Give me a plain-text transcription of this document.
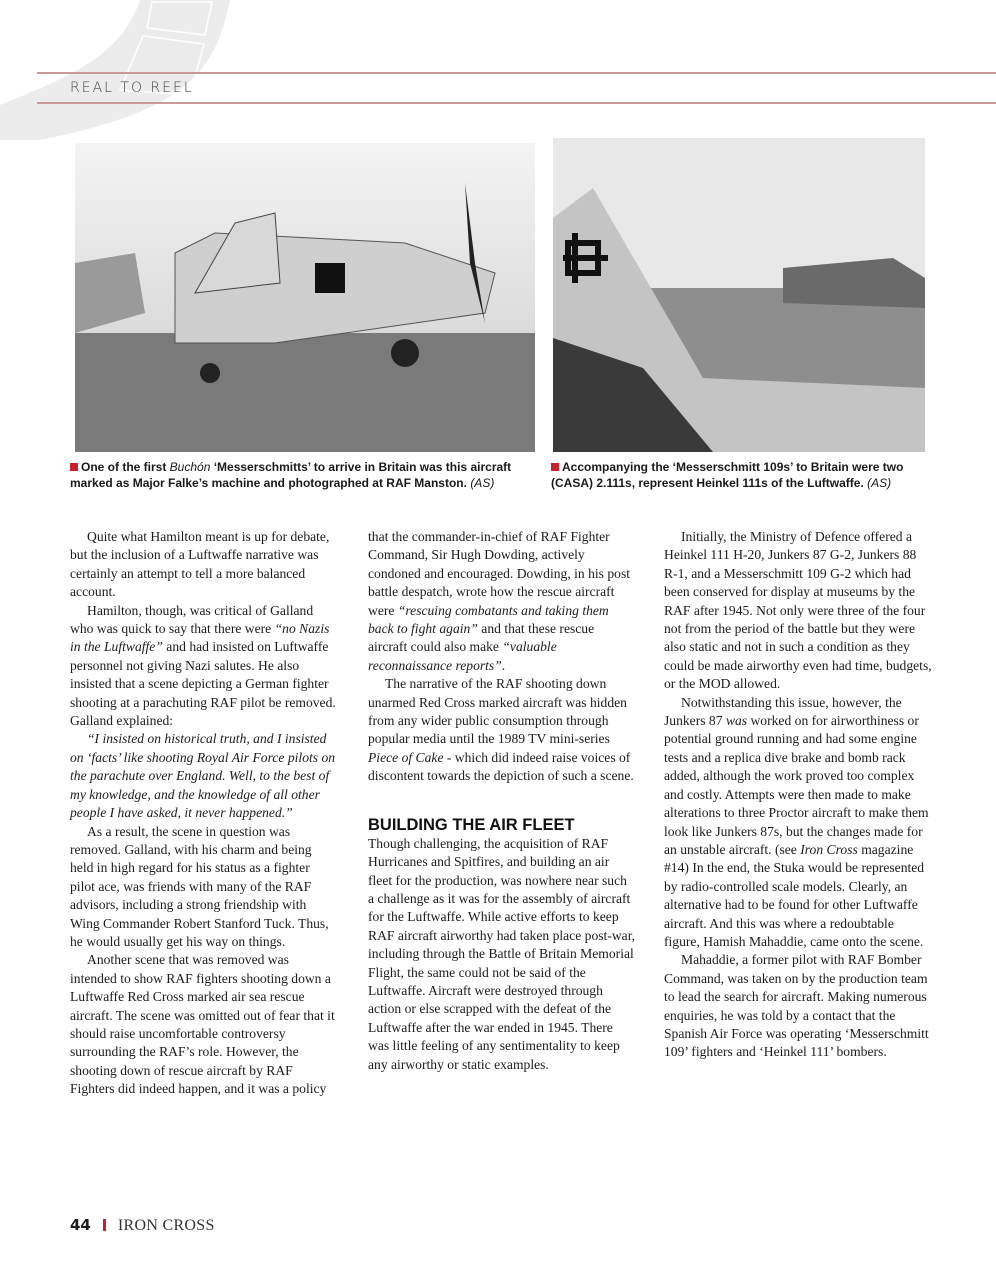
REAL TO REEL
One of the first Buchón ‘Messerschmitts’ to arrive in Britain was this aircraft marked as Major Falke’s machine and photographed at RAF Manston. (AS)
Accompanying the ‘Messerschmitt 109s’ to Britain were two (CASA) 2.111s, represent Heinkel 111s of the Luftwaffe. (AS)

Quite what Hamilton meant is up for debate, but the inclusion of a Luftwaffe narrative was certainly an attempt to tell a more balanced account.

Hamilton, though, was critical of Galland who was quick to say that there were “no Nazis in the Luftwaffe” and had insisted on Luftwaffe personnel not giving Nazi salutes. He also insisted that a scene depicting a German fighter shooting at a parachuting RAF pilot be removed. Galland explained:

“I insisted on historical truth, and I insisted on ‘facts’ like shooting Royal Air Force pilots on the parachute over England. Well, to the best of my knowledge, and the knowledge of all other people I have asked, it never happened.”

As a result, the scene in question was removed. Galland, with his charm and being held in high regard for his status as a fighter pilot ace, was friends with many of the RAF advisors, including a strong friendship with Wing Commander Robert Stanford Tuck. Thus, he would usually get his way on things.

Another scene that was removed was intended to show RAF fighters shooting down a Luftwaffe Red Cross marked air sea rescue aircraft. The scene was omitted out of fear that it should raise uncomfortable controversy surrounding the RAF’s role. However, the shooting down of rescue aircraft by RAF Fighters did indeed happen, and it was a policy

that the commander-in-chief of RAF Fighter Command, Sir Hugh Dowding, actively condoned and encouraged. Dowding, in his post battle despatch, wrote how the rescue aircraft were “rescuing combatants and taking them back to fight again” and that these rescue aircraft could also make “valuable reconnaissance reports”.

The narrative of the RAF shooting down unarmed Red Cross marked aircraft was hidden from any wider public consumption through popular media until the 1989 TV mini-series Piece of Cake - which did indeed raise voices of discontent towards the depiction of such a scene.

BUILDING THE AIR FLEET

Though challenging, the acquisition of RAF Hurricanes and Spitfires, and building an air fleet for the production, was nowhere near such a challenge as it was for the assembly of aircraft for the Luftwaffe. While active efforts to keep RAF aircraft airworthy had taken place post-war, including through the Battle of Britain Memorial Flight, the same could not be said of the Luftwaffe. Aircraft were destroyed through action or else scrapped with the defeat of the Luftwaffe after the war ended in 1945. There was little feeling of any sentimentality to keep any airworthy or static examples.

Initially, the Ministry of Defence offered a Heinkel 111 H-20, Junkers 87 G-2, Junkers 88 R-1, and a Messerschmitt 109 G-2 which had been conserved for display at museums by the RAF after 1945. Not only were three of the four not from the period of the battle but they were also static and not in such a condition as they could be made airworthy even had time, budgets, or the MOD allowed.

Notwithstanding this issue, however, the Junkers 87 was worked on for airworthiness or potential ground running and had some engine tests and a replica dive brake and bomb rack added, although the work proved too complex and costly. Attempts were then made to make alterations to three Proctor aircraft to make them look like Junkers 87s, but the changes made for an unstable aircraft. (see Iron Cross magazine #14) In the end, the Stuka would be represented by radio-controlled scale models. Clearly, an alternative had to be found for other Luftwaffe aircraft. And this was where a redoubtable figure, Hamish Mahaddie, came onto the scene.

Mahaddie, a former pilot with RAF Bomber Command, was taken on by the production team to lead the search for aircraft. Making numerous enquiries, he was told by a contact that the Spanish Air Force was operating ‘Messerschmitt 109’ fighters and ‘Heinkel 111’ bombers.

44 IRON CROSS
